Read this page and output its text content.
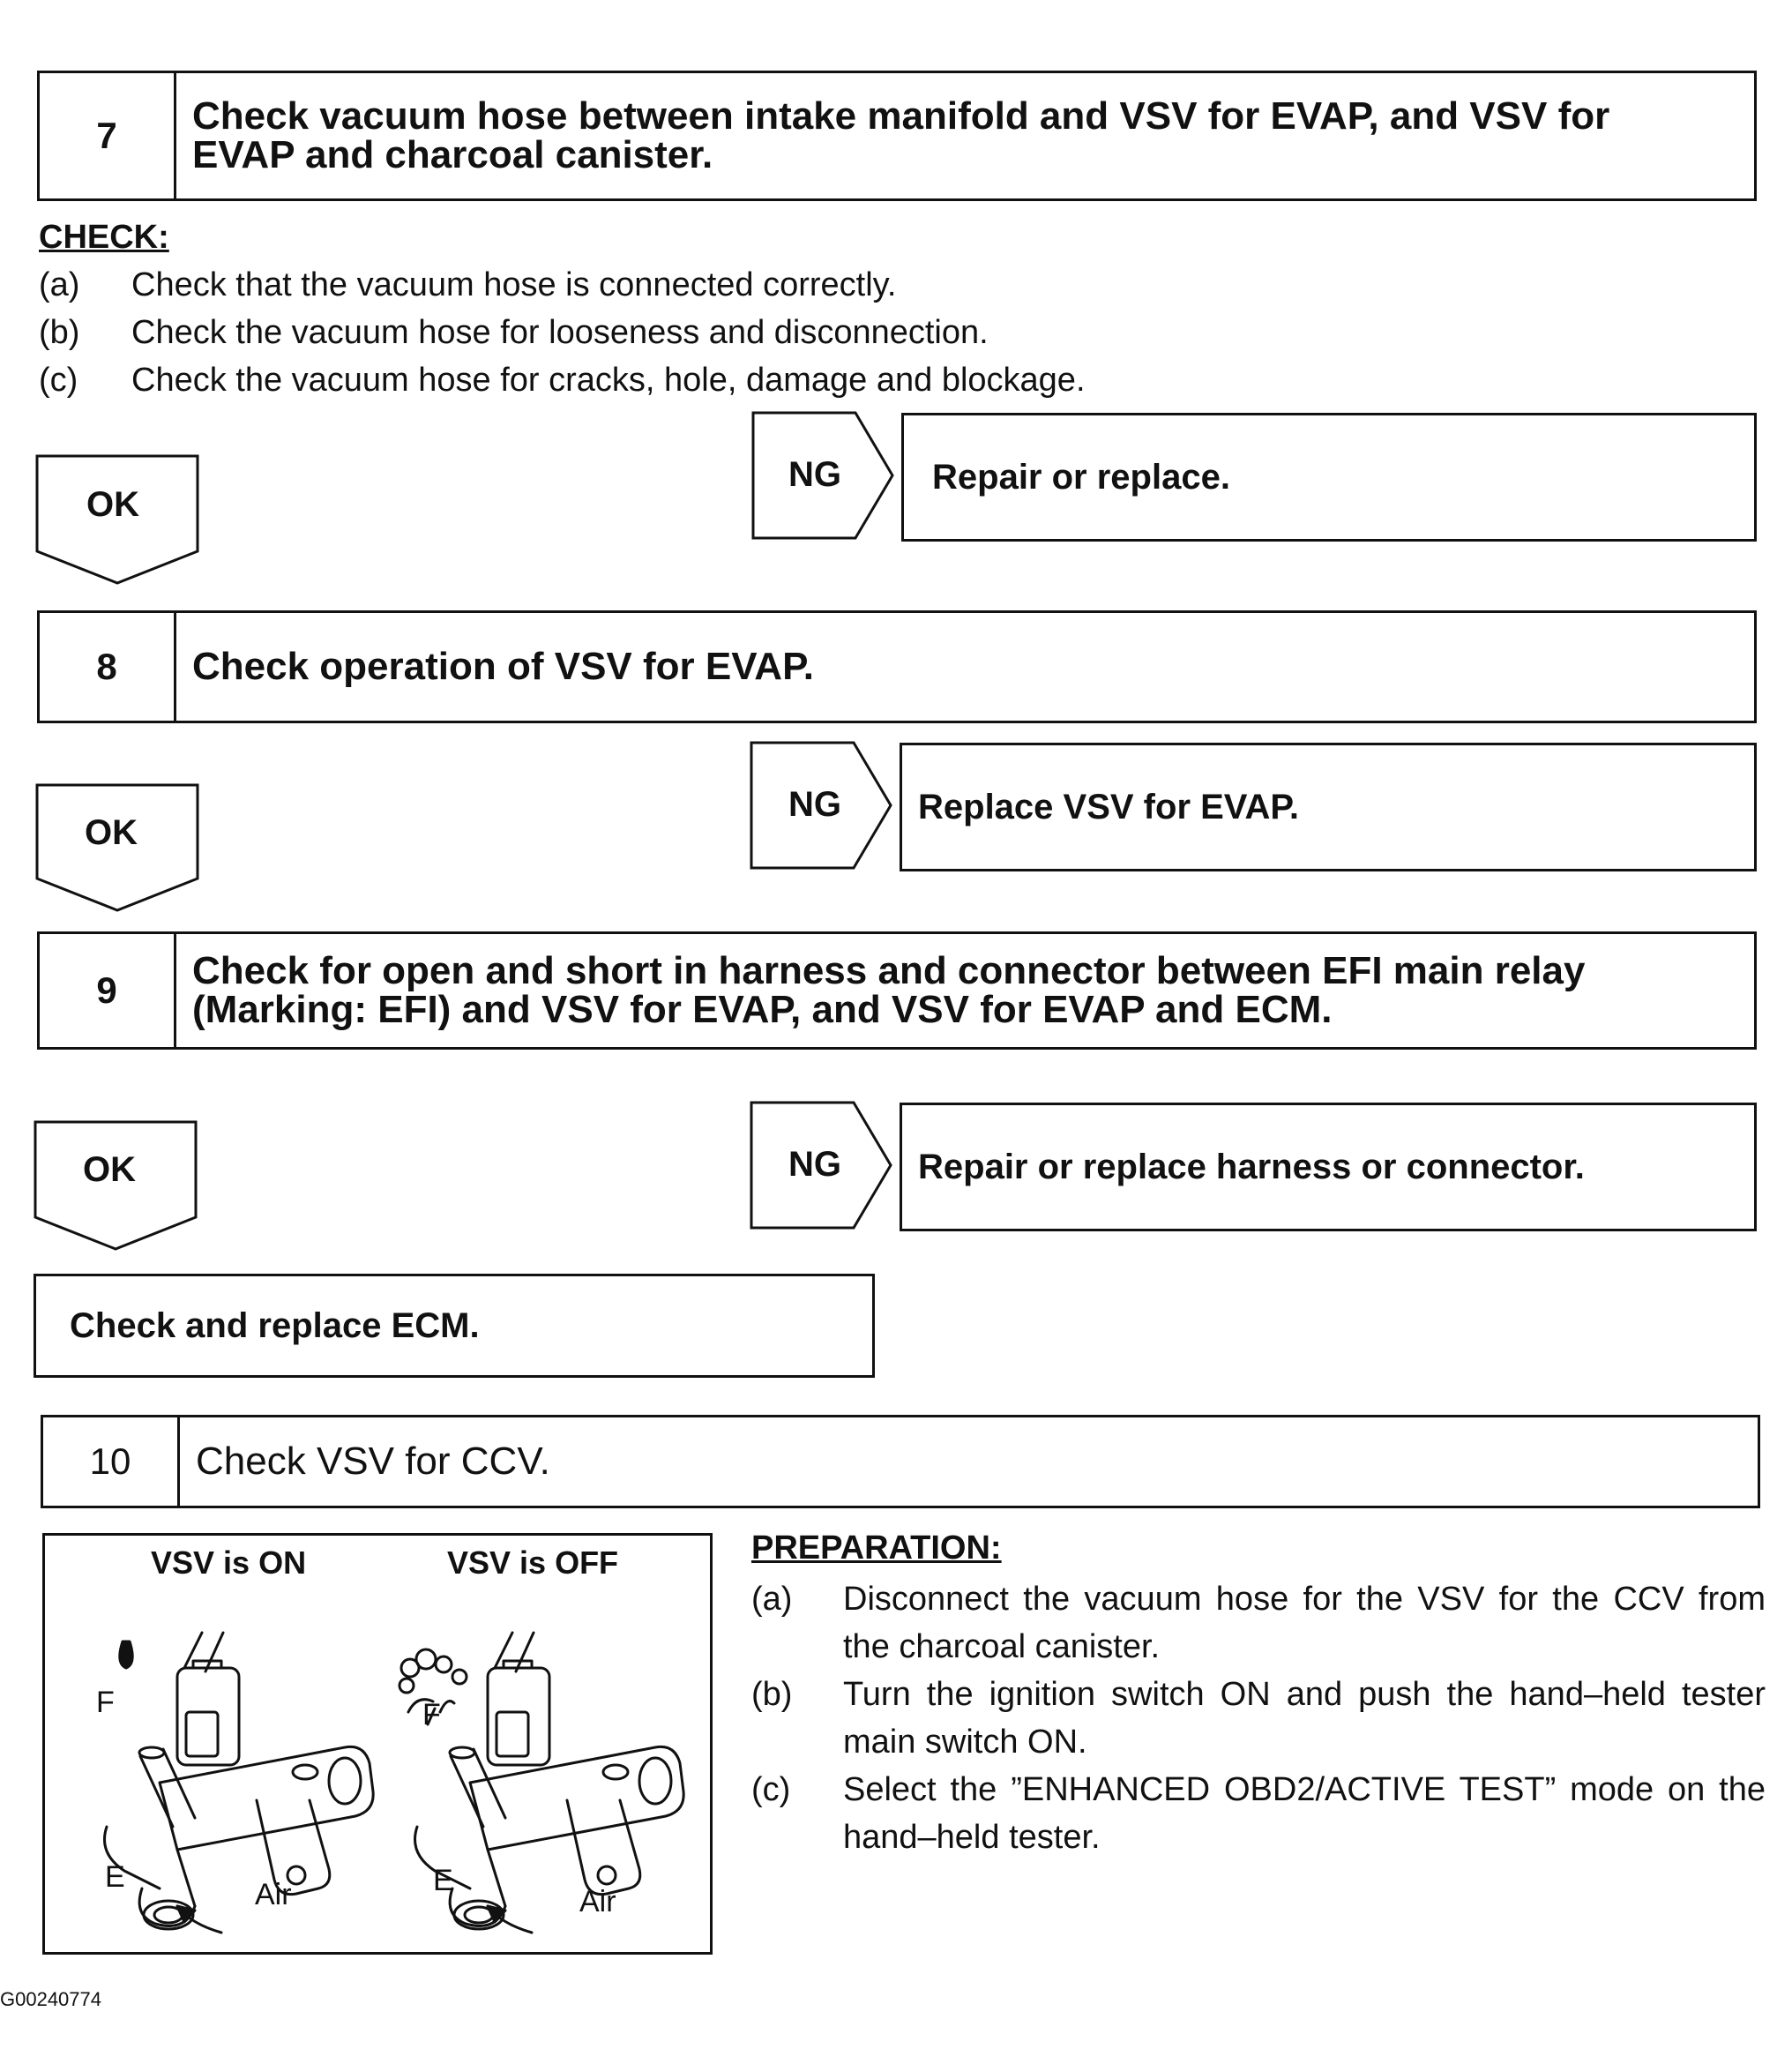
7	Check vacuum hose between intake manifold and VSV for EVAP, and VSV for
EVAP and charcoal canister.
CHECK:
(a)	Check that the vacuum hose is connected correctly.
(b)	Check the vacuum hose for looseness and disconnection.
(c)	Check the vacuum hose for cracks, hole, damage and blockage.
OK
NG	Repair or replace.
8	Check operation of VSV for EVAP.
OK
NG Replace VSV for EVAP.
9	Check for open and short in harness and connector between EFI main relay
(Marking: EFI) and VSV for EVAP, and VSV for EVAP and ECM.
OK	NG Repair or replace harness or connector.
Check and replace ECM.
10	Check VSV for CCV.
VSV is ON	VSV is OFF
F
E
Air
F
E
Air
G00240774
PREPARATION:
(a)	Disconnect the vacuum hose for the VSV for the CCV from the charcoal canister.
(b)	Turn the ignition switch ON and push the hand–held tester main switch ON.
(c)	Select the ”ENHANCED OBD2/ACTIVE TEST” mode on the hand–held tester.
